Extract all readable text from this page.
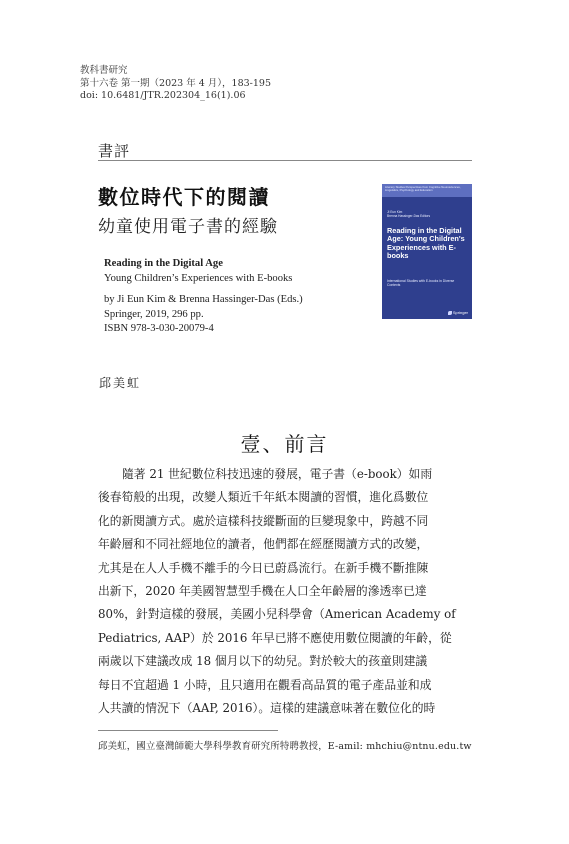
教科書研究
第十六卷 第一期（2023 年 4 月），183-195
doi: 10.6481/JTR.202304_16(1).06
書評
數位時代下的閱讀
幼童使用電子書的經驗
Reading in the Digital Age
Young Children’s Experiences with E-books
by Ji Eun Kim & Brenna Hassinger-Das (Eds.)
Springer, 2019, 296 pp.
ISBN 978-3-030-20079-4
Literacy Studies Perspectives from Cognitive Neurosciences, Linguistics, Psychology and Education
Ji Eun Kim
Brenna Hassinger-Das Editors
Reading in the Digital Age: Young Children's Experiences with E-books
International Studies with E-books in Diverse Contexts
Springer
邱美虹
壹、前言
隨著 21 世紀數位科技迅速的發展，電子書（e-book）如雨
後春筍般的出現，改變人類近千年紙本閱讀的習慣，進化爲數位
化的新閱讀方式。處於這樣科技縱斷面的巨變現象中，跨越不同
年齡層和不同社經地位的讀者，他們都在經歷閱讀方式的改變，
尤其是在人人手機不離手的今日已蔚爲流行。在新手機不斷推陳
出新下，2020 年美國智慧型手機在人口全年齡層的滲透率已達
80%，針對這樣的發展，美國小兒科學會（American Academy of
Pediatrics, AAP）於 2016 年早已將不應使用數位閱讀的年齡，從
兩歲以下建議改成 18 個月以下的幼兒。對於較大的孩童則建議
每日不宜超過 1 小時，且只適用在觀看高品質的電子產品並和成
人共讀的情況下（AAP, 2016）。這樣的建議意味著在數位化的時
邱美虹，國立臺灣師範大學科學教育研究所特聘教授，E-amil: mhchiu@ntnu.edu.tw
